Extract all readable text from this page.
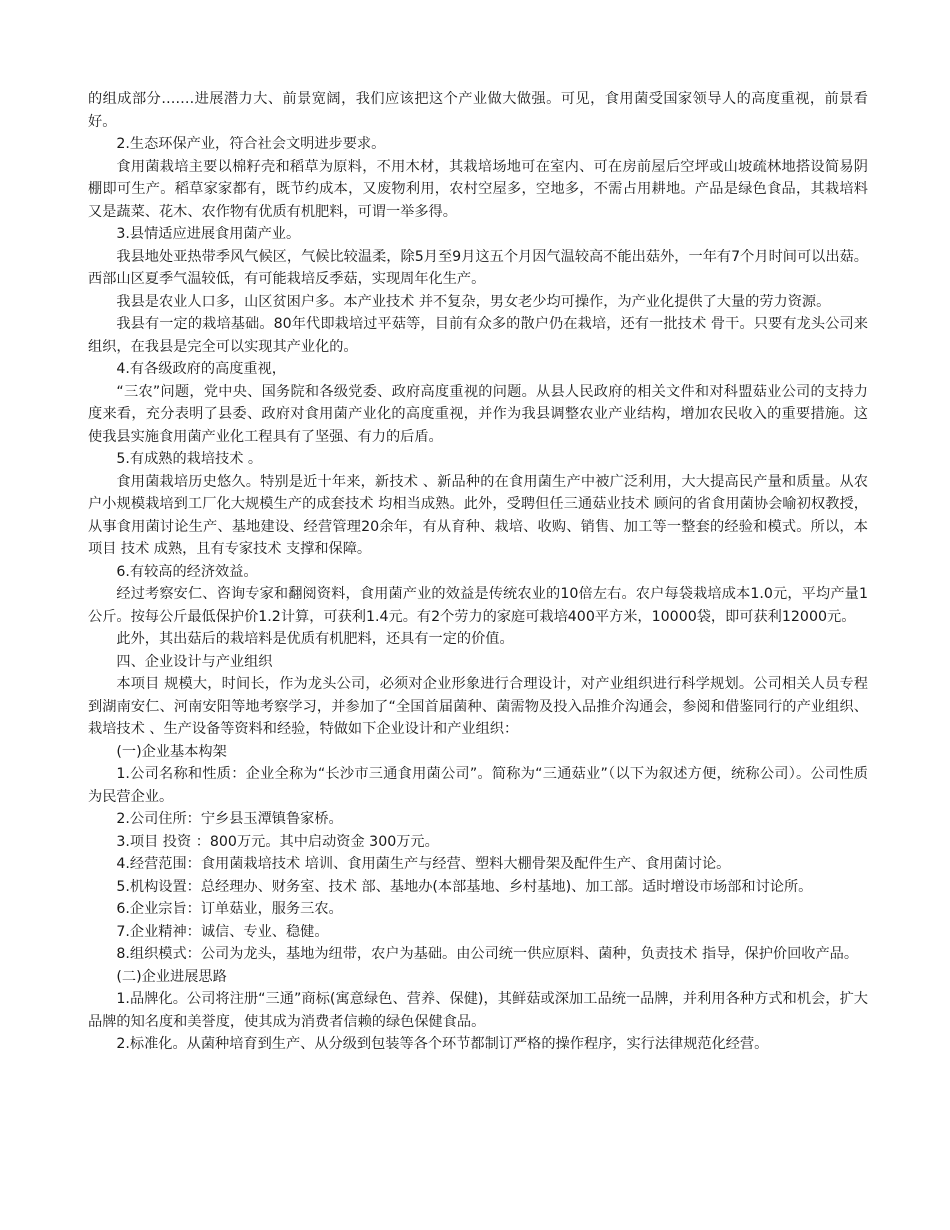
的组成部分…….进展潜力大、前景宽阔，我们应该把这个产业做大做强。可见，食用菌受国家领导人的高度重视，前景看好。

2.生态环保产业，符合社会文明进步要求。

食用菌栽培主要以棉籽壳和稻草为原料，不用木材，其栽培场地可在室内、可在房前屋后空坪或山坡疏林地搭设简易阴棚即可生产。稻草家家都有，既节约成本，又废物利用，农村空屋多，空地多，不需占用耕地。产品是绿色食品，其栽培料又是蔬菜、花木、农作物有优质有机肥料，可谓一举多得。

3.县情适应进展食用菌产业。

我县地处亚热带季风气候区，气候比较温柔，除5月至9月这五个月因气温较高不能出菇外，一年有7个月时间可以出菇。西部山区夏季气温较低，有可能栽培反季菇，实现周年化生产。

我县是农业人口多，山区贫困户多。本产业技术 并不复杂，男女老少均可操作，为产业化提供了大量的劳力资源。

我县有一定的栽培基础。80年代即栽培过平菇等，目前有众多的散户仍在栽培，还有一批技术 骨干。只要有龙头公司来组织，在我县是完全可以实现其产业化的。

4.有各级政府的高度重视，

“三农”问题，党中央、国务院和各级党委、政府高度重视的问题。从县人民政府的相关文件和对科盟菇业公司的支持力度来看，充分表明了县委、政府对食用菌产业化的高度重视，并作为我县调整农业产业结构，增加农民收入的重要措施。这使我县实施食用菌产业化工程具有了坚强、有力的后盾。

5.有成熟的栽培技术 。

食用菌栽培历史悠久。特别是近十年来，新技术 、新品种的在食用菌生产中被广泛利用，大大提高民产量和质量。从农户小规模栽培到工厂化大规模生产的成套技术 均相当成熟。此外，受聘但任三通菇业技术 顾问的省食用菌协会喻初权教授，从事食用菌讨论生产、基地建设、经营管理20余年，有从育种、栽培、收购、销售、加工等一整套的经验和模式。所以，本项目 技术 成熟，且有专家技术 支撑和保障。

6.有较高的经济效益。

经过考察安仁、咨询专家和翻阅资料，食用菌产业的效益是传统农业的10倍左右。农户每袋栽培成本1.0元，平均产量1公斤。按每公斤最低保护价1.2计算，可获利1.4元。有2个劳力的家庭可栽培400平方米，10000袋，即可获利12000元。

此外，其出菇后的栽培料是优质有机肥料，还具有一定的价值。

四、企业设计与产业组织

本项目 规模大，时间长，作为龙头公司，必须对企业形象进行合理设计，对产业组织进行科学规划。公司相关人员专程到湖南安仁、河南安阳等地考察学习，并参加了“全国首届菌种、菌需物及投入品推介沟通会，参阅和借鉴同行的产业组织、栽培技术 、生产设备等资料和经验，特做如下企业设计和产业组织：

(一)企业基本构架

1.公司名称和性质：企业全称为“长沙市三通食用菌公司”。简称为“三通菇业”（以下为叙述方便，统称公司）。公司性质为民营企业。

2.公司住所：宁乡县玉潭镇鲁家桥。

3.项目 投资 ：800万元。其中启动资金 300万元。

4.经营范围：食用菌栽培技术 培训、食用菌生产与经营、塑料大棚骨架及配件生产、食用菌讨论。

5.机构设置：总经理办、财务室、技术 部、基地办(本部基地、乡村基地)、加工部。适时增设市场部和讨论所。

6.企业宗旨：订单菇业，服务三农。

7.企业精神：诚信、专业、稳健。

8.组织模式：公司为龙头，基地为纽带，农户为基础。由公司统一供应原料、菌种，负责技术 指导，保护价回收产品。

(二)企业进展思路

1.品牌化。公司将注册“三通”商标(寓意绿色、营养、保健)，其鲜菇或深加工品统一品牌，并利用各种方式和机会，扩大品牌的知名度和美誉度，使其成为消费者信赖的绿色保健食品。

2.标准化。从菌种培育到生产、从分级到包装等各个环节都制订严格的操作程序，实行法律规范化经营。
